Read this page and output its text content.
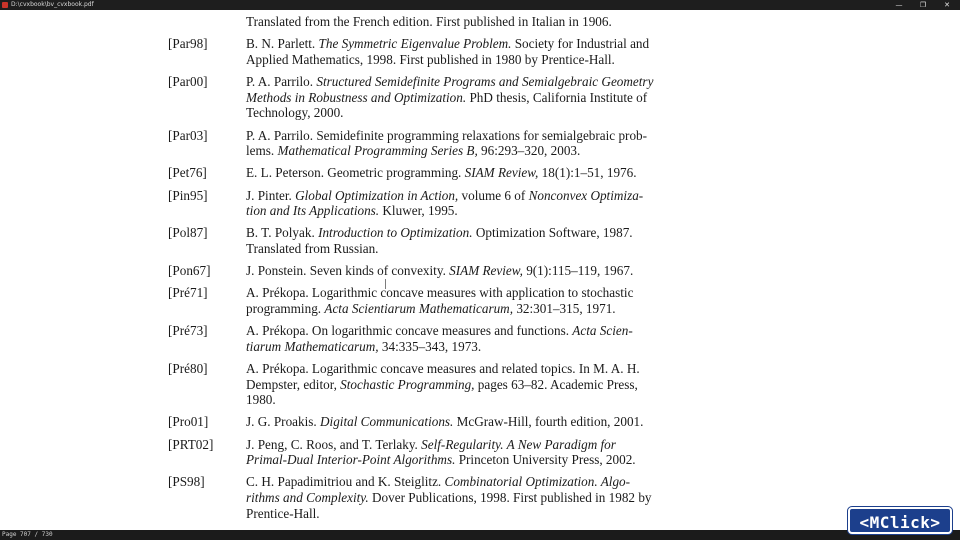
D:\cvxbook\bv_cvxbook.pdf	—	❐	✕
Translated from the French edition. First published in Italian in 1906.
[Par98]	B. N. Parlett. The Symmetric Eigenvalue Problem. Society for Industrial and
Applied Mathematics, 1998. First published in 1980 by Prentice-Hall.
[Par00]	P. A. Parrilo. Structured Semidefinite Programs and Semialgebraic Geometry
Methods in Robustness and Optimization. PhD thesis, California Institute of
Technology, 2000.
[Par03]	P. A. Parrilo. Semidefinite programming relaxations for semialgebraic prob-
lems. Mathematical Programming Series B, 96:293–320, 2003.
[Pet76]	E. L. Peterson. Geometric programming. SIAM Review, 18(1):1–51, 1976.
[Pin95]	J. Pinter. Global Optimization in Action, volume 6 of Nonconvex Optimiza-
tion and Its Applications. Kluwer, 1995.
[Pol87]	B. T. Polyak. Introduction to Optimization. Optimization Software, 1987.
Translated from Russian.
[Pon67]	J. Ponstein. Seven kinds of convexity. SIAM Review, 9(1):115–119, 1967.
[Pré71]	A. Prékopa. Logarithmic concave measures with application to stochastic
programming. Acta Scientiarum Mathematicarum, 32:301–315, 1971.
[Pré73]	A. Prékopa. On logarithmic concave measures and functions. Acta Scien-
tiarum Mathematicarum, 34:335–343, 1973.
[Pré80]	A. Prékopa. Logarithmic concave measures and related topics. In M. A. H.
Dempster, editor, Stochastic Programming, pages 63–82. Academic Press,
1980.
[Pro01]	J. G. Proakis. Digital Communications. McGraw-Hill, fourth edition, 2001.
[PRT02] J. Peng, C. Roos, and T. Terlaky. Self-Regularity. A New Paradigm for
Primal-Dual Interior-Point Algorithms. Princeton University Press, 2002.
[PS98]	C. H. Papadimitriou and K. Steiglitz. Combinatorial Optimization. Algo-
rithms and Complexity. Dover Publications, 1998. First published in 1982 by
Prentice-Hall.
Page 707 / 730
<MClick>
